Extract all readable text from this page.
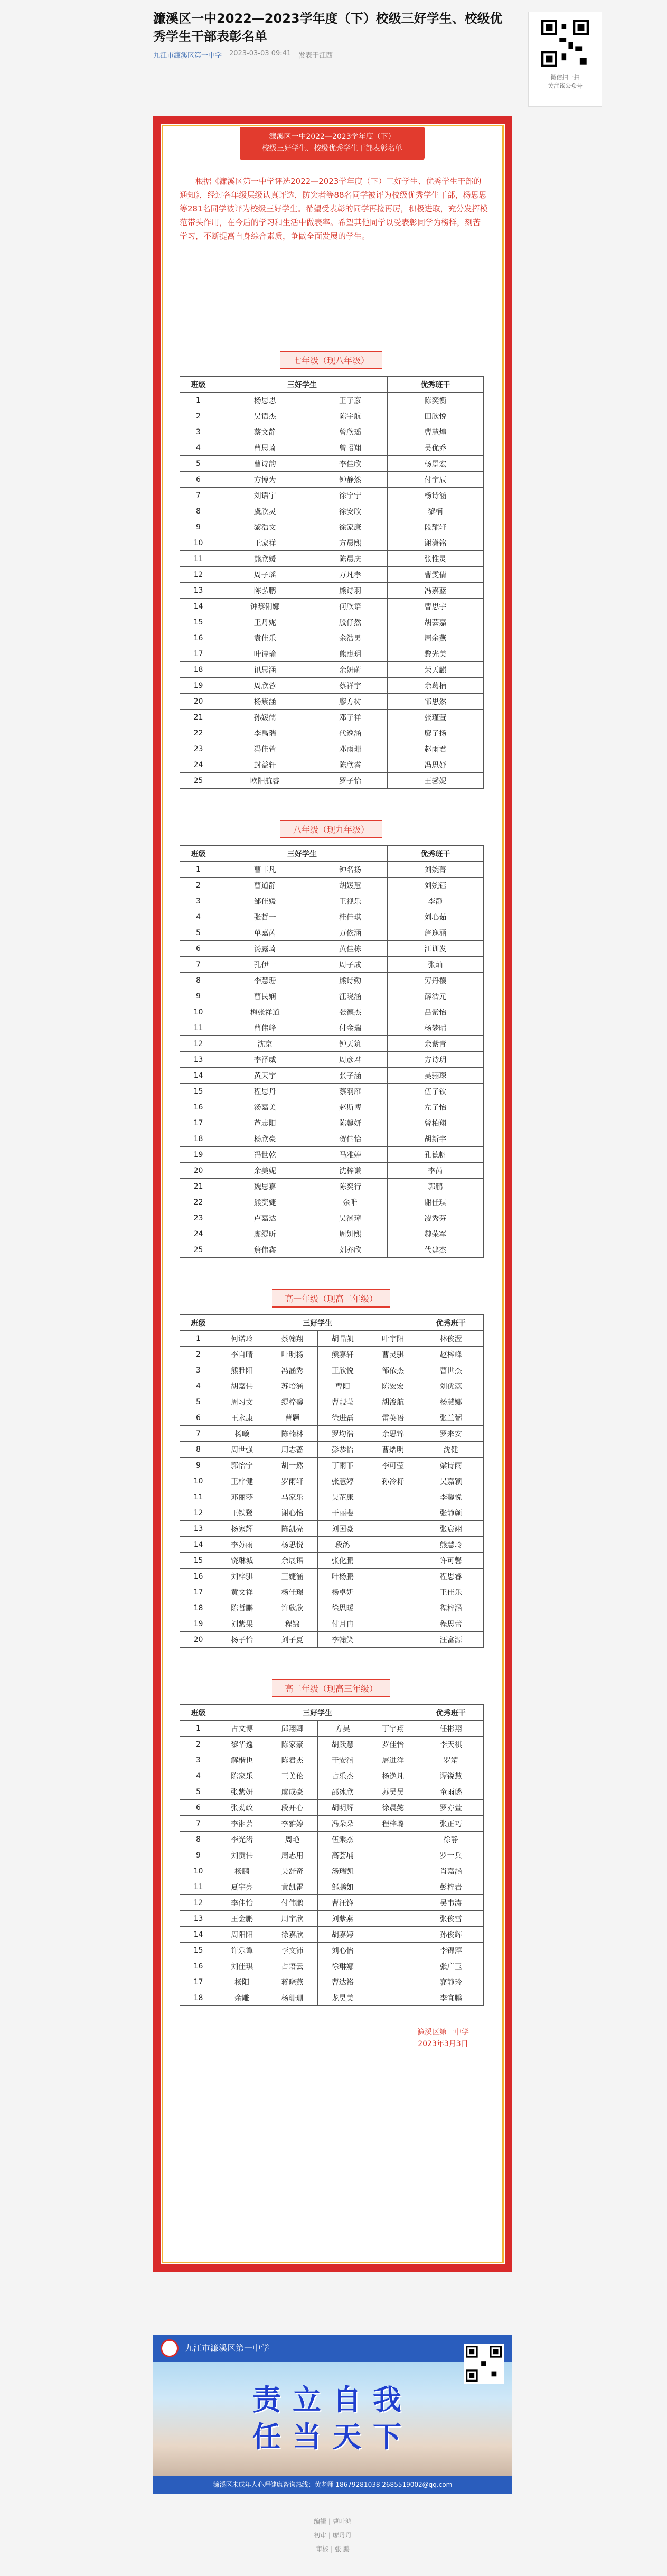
濂溪区一中2022—2023学年度（下）校级三好学生、校级优秀学生干部表彰名单
九江市濂溪区第一中学 2023-03-03 09:41 发表于江西
微信扫一扫
关注该公众号
濂溪区一中2022—2023学年度（下）
校级三好学生、校级优秀学生干部表彰名单
根据《濂溪区第一中学评选2022—2023学年度（下）三好学生、优秀学生干部的通知》，经过各年级层级认真评选，防突者等88名同学被评为校级优秀学生干部，杨思思等281名同学被评为校级三好学生。希望受表彰的同学再接再厉，积极进取，充分发挥模范带头作用，在今后的学习和生活中做表率。希望其他同学以受表彰同学为榜样，刻苦学习，不断提高自身综合素质，争做全面发展的学生。
七年级（现八年级）
班级	三好学生		优秀班干
1	杨思思	王子彦	陈奕衡
2	吴语杰	陈宇航	田欣悦
3	蔡文静	曾欣瑶	曹慧煌
4	曹思琦	曾昭翔	吴优乔
5	曹诗韵	李佳欣	杨景宏
6	方博为	钟静然	付宇辰
7	刘语宇	徐宁宁	杨诗涵
8	虞欣灵	徐安欣	黎楠
9	黎浩文	徐家康	段耀轩
10	王家祥	方晨熙	谢潇铭
11	熊欣媛	陈晨庆	张惟灵
12	周子瑶	万凡孝	曹雯倩
13	陈弘鹏	熊诗羽	冯嘉蓝
14	钟黎俐娜	何欣语	曹思宇
15	王丹妮	殷仔然	胡芸嘉
16	袁佳乐	余浩男	周余燕
17	叶诗瑜	熊惠玥	黎光美
18	讯思涵	余妍蔚	荣天麒
19	周欣蓉	蔡祥宇	余葛楠
20	杨紫涵	廖方树	邹思然
21	孙媛儒	邓子祥	张瑾萱
22	李禹瑞	代逸涵	廖子扬
23	冯佳萱	邓雨珊	赵雨君
24	封益轩	陈欣睿	冯思妤
25	欧阳航睿	罗子怡	王馨妮
八年级（现九年级）
班级	三好学生		优秀班干
1	曹丰凡	钟名扬	刘婉菁
2	曹道静	胡媛慧	刘婉钰
3	邹佳媛	王视乐	李静
4	张哲一	桂佳琪	刘心茹
5	单嘉芮	万依涵	詹逸涵
6	汤露琦	黄佳栋	江训发
7	孔伊一	周子成	张灿
8	李慧珊	熊诗勤	劳丹樱
9	曹民娴	汪晓涵	薛浩元
10	梅张祥道	张德杰	吕紫怡
11	曹伟峰	付金瑞	杨梦晴
12	沈京	钟天筑	余紫青
13	李泽威	周彦君	方诗玥
14	黄天宇	张子涵	吴骊琛
15	程思丹	蔡羽雁	伍子钦
16	汤嘉美	赵斯博	左子怡
17	芦志阳	陈馨妍	曾柏翔
18	杨欣豪	贺佳怡	胡新宇
19	冯世乾	马雅婷	孔德帆
20	余美妮	沈梓谦	李芮
21	魏思嘉	陈奕行	郭鹏
22	熊奕婕	余唯	谢佳琪
23	卢嘉达	吴涵璋	凌秀芬
24	廖缇昕	周妍熙	魏荣军
25	詹伟鑫	刘亦欣	代建杰
高一年级（现高二年级）
班级	三好学生				优秀班干
1	何诺玲	蔡翰翔	胡晶凯	叶宇阳	林俊渥
2	李自晴	叶明扬	熊嘉轩	曹灵骐	赵梓峰
3	熊雅阳	冯涵秀	王欣悦	邹依杰	曹世杰
4	胡嘉伟	苏培涵	曹阳	陈宏宏	刘优蕊
5	周习文	缇梓馨	曹靓莹	胡浚航	杨慧娜
6	王永康	曹题	徐进磊	雷英语	张兰弼
7	杨曦	陈楠林	罗均浩	余思锦	罗来安
8	周世强	周志蔷	彭恭怡	曹熠明	沈健
9	郭怡宁	胡一然	丁雨菲	李可莹	梁诗雨
10	王梓健	罗雨轩	张慧婷	孙冷耔	吴嘉颖
11	邓丽莎	马家乐	吴芷康		李馨悦
12	王铁鹭	谢心怡	干丽斐		张静颜
13	杨家辉	陈凯亮	刘国豪		张宸翊
14	李苏雨	杨思悦	段鸽		熊慧玲
15	饶琳城	余展语	张化鹏		许可馨
16	刘梓骐	王婕涵	叶杨鹏		程思睿
17	黄文祥	杨佳璟	杨卓妍		王佳乐
18	陈哲鹏	许欣欣	徐思暖		程梓涵
19	刘紫果	程锦	付月冉		程思蕾
20	杨子怡	刘子夏	李翰笑		汪富源
高二年级（现高三年级）
班级	三好学生				优秀班干
1	占文博	邱翔卿	方吴	丁宇翔	任彬翔
2	黎华逸	陈家豪	胡跃慧	罗佳怡	李天祺
3	解楷也	陈君杰	干安涵	屠进洋	罗靖
4	陈家乐	王美伦	占乐杰	杨逸凡	谭锐慧
5	张紫妍	虞成豪	邵冰欣	苏吴吴	童雨璐
6	张劲政	段开心	胡明辉	徐晨懿	罗亦萱
7	李湘芸	李雅婷	冯朵朵	程梓璐	张正巧
8	李光渚	周艳	伍乘杰		徐静
9	刘贡伟	周志用	高荟埔		罗一兵
10	杨鹏	吴舒奇	汤瑞凯		肖嘉涵
11	夏宇亮	黄凯雷	邹鹏如		彭梓岩
12	李佳怡	付伟鹏	曹汪锋		吴韦涛
13	王金鹏	周宇欣	刘紫燕		张俊雪
14	周阳阳	徐嘉欣	胡嘉婷		孙俊辉
15	许乐谭	李文沛	刘心怡		李锦萍
16	刘佳琪	占语云	徐琳娜		张广玉
17	杨阳	蒋晓燕	曹达裕		寥静玲
18	余雕	杨珊珊	龙昊美		李宜鹏
濂溪区第一中学
2023年3月3日
九江市濂溪区第一中学
责立自我
任当天下
濂溪区未成年人心理健康咨询热线：黄老师 18679281038 2685519002@qq.com
编辑 | 曹叶鸿
初审 | 廖丹丹
审核 | 张 鹏
